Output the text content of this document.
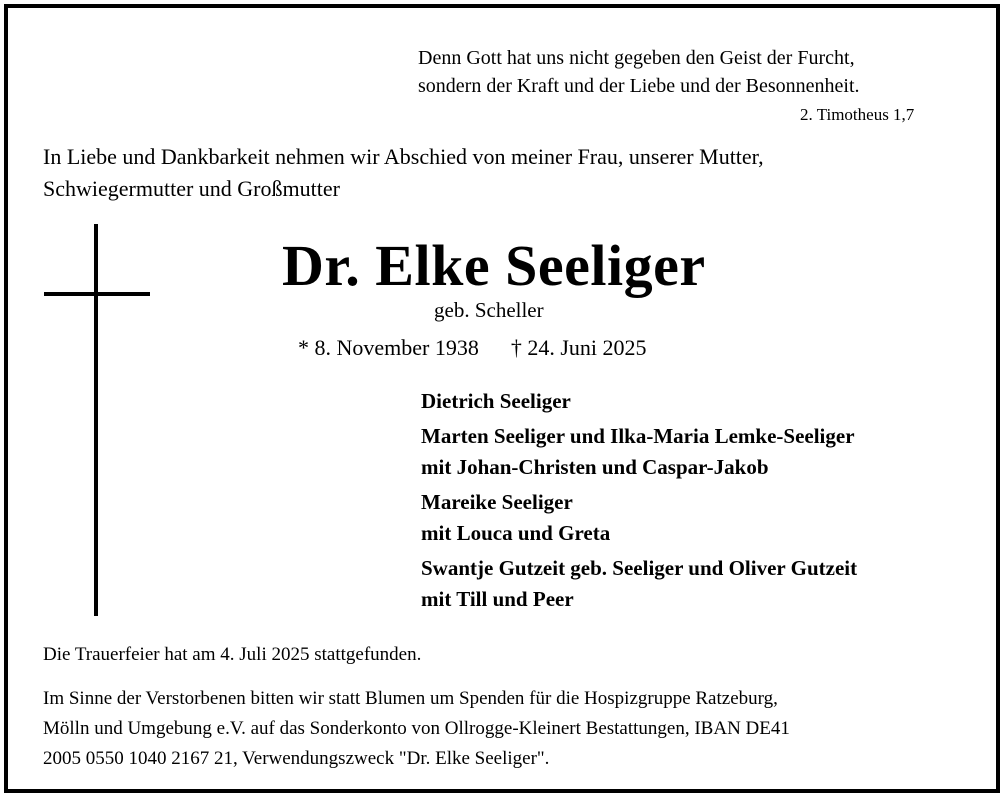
Denn Gott hat uns nicht gegeben den Geist der Furcht,
sondern der Kraft und der Liebe und der Besonnenheit.
2. Timotheus 1,7
In Liebe und Dankbarkeit nehmen wir Abschied von meiner Frau, unserer Mutter,
Schwiegermutter und Großmutter
Dr. Elke Seeliger
geb. Scheller
* 8. November 1938 † 24. Juni 2025
Dietrich Seeliger
Marten Seeliger und Ilka-Maria Lemke-Seeliger
mit Johan-Christen und Caspar-Jakob
Mareike Seeliger
mit Louca und Greta
Swantje Gutzeit geb. Seeliger und Oliver Gutzeit
mit Till und Peer
Die Trauerfeier hat am 4. Juli 2025 stattgefunden.
Im Sinne der Verstorbenen bitten wir statt Blumen um Spenden für die Hospizgruppe Ratzeburg,
Mölln und Umgebung e.V. auf das Sonderkonto von Ollrogge-Kleinert Bestattungen, IBAN DE41
2005 0550 1040 2167 21, Verwendungszweck "Dr. Elke Seeliger".
